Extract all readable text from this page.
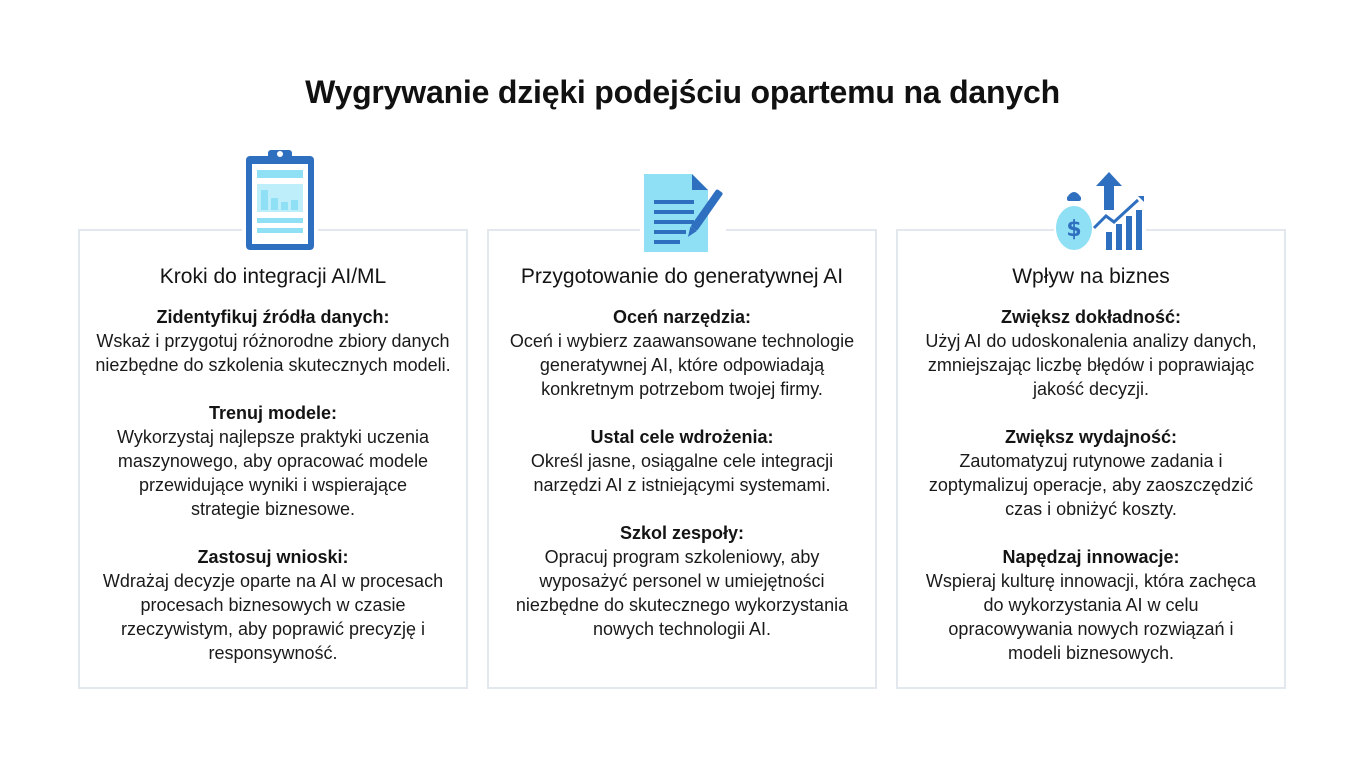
Wygrywanie dzięki podejściu opartemu na danych
Kroki do integracji AI/ML
Zidentyfikuj źródła danych:
Wskaż i przygotuj różnorodne zbiory danych
niezbędne do szkolenia skutecznych modeli.
Trenuj modele:
Wykorzystaj najlepsze praktyki uczenia
maszynowego, aby opracować modele
przewidujące wyniki i wspierające
strategie biznesowe.
Zastosuj wnioski:
Wdrażaj decyzje oparte na AI w procesach
procesach biznesowych w czasie
rzeczywistym, aby poprawić precyzję i
responsywność.
Przygotowanie do generatywnej AI
Oceń narzędzia:
Oceń i wybierz zaawansowane technologie
generatywnej AI, które odpowiadają
konkretnym potrzebom twojej firmy.
Ustal cele wdrożenia:
Określ jasne, osiągalne cele integracji
narzędzi AI z istniejącymi systemami.
Szkol zespoły:
Opracuj program szkoleniowy, aby
wyposażyć personel w umiejętności
niezbędne do skutecznego wykorzystania
nowych technologii AI.
Wpływ na biznes
Zwiększ dokładność:
Użyj AI do udoskonalenia analizy danych,
zmniejszając liczbę błędów i poprawiając
jakość decyzji.
Zwiększ wydajność:
Zautomatyzuj rutynowe zadania i
zoptymalizuj operacje, aby zaoszczędzić
czas i obniżyć koszty.
Napędzaj innowacje:
Wspieraj kulturę innowacji, która zachęca
do wykorzystania AI w celu
opracowywania nowych rozwiązań i
modeli biznesowych.
$
